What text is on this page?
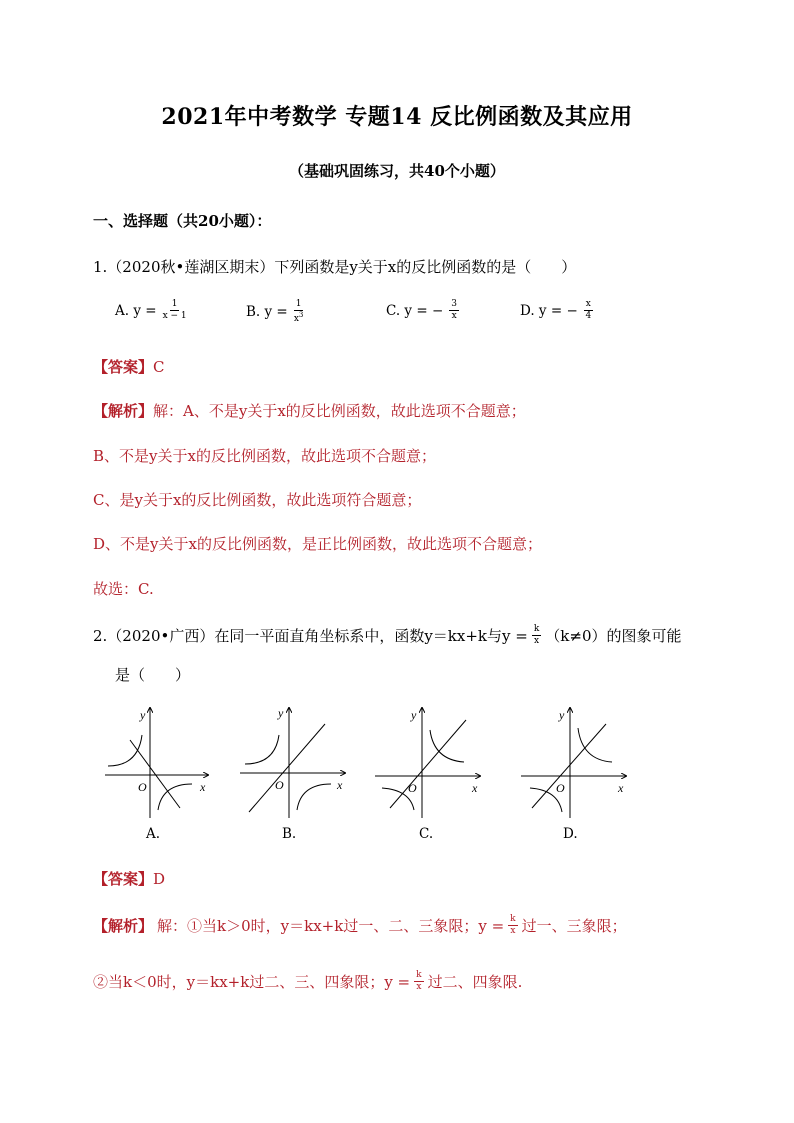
2021年中考数学 专题14 反比例函数及其应用
（基础巩固练习，共40个小题）
一、选择题（共20小题）：
1.（2020秋•莲湖区期末）下列函数是y关于x的反比例函数的是（　　）
A. $y = \frac{1}{x - 1}$	B. $y = \frac{1}{x^3}$	C. y = − $\frac{3}{x}$	D. y = − $\frac{x}{4}$
【答案】C
【解析】解：A、不是y关于x的反比例函数，故此选项不合题意；
B、不是y关于x的反比例函数，故此选项不合题意；
C、是y关于x的反比例函数，故此选项符合题意；
D、不是y关于x的反比例函数，是正比例函数，故此选项不合题意；
故选：C.
2.（2020•广西）在同一平面直角坐标系中，函数y＝kx+k与$y = \frac{k}{x} (k\ne 0)$的图象可能
是（　　）
O	x
y
O	x
y
O	x
y
O	x
y
A.	B.	C.	D.
【答案】D
【解析】 解：①当k＞0时，y＝kx+k过一、二、三象限；$y = \frac{k}{x}$ 过一、三象限；
②当k＜0时，y＝kx+k过二、三、四象限；$y = \frac{k}{x}$ 过二、四象限.
